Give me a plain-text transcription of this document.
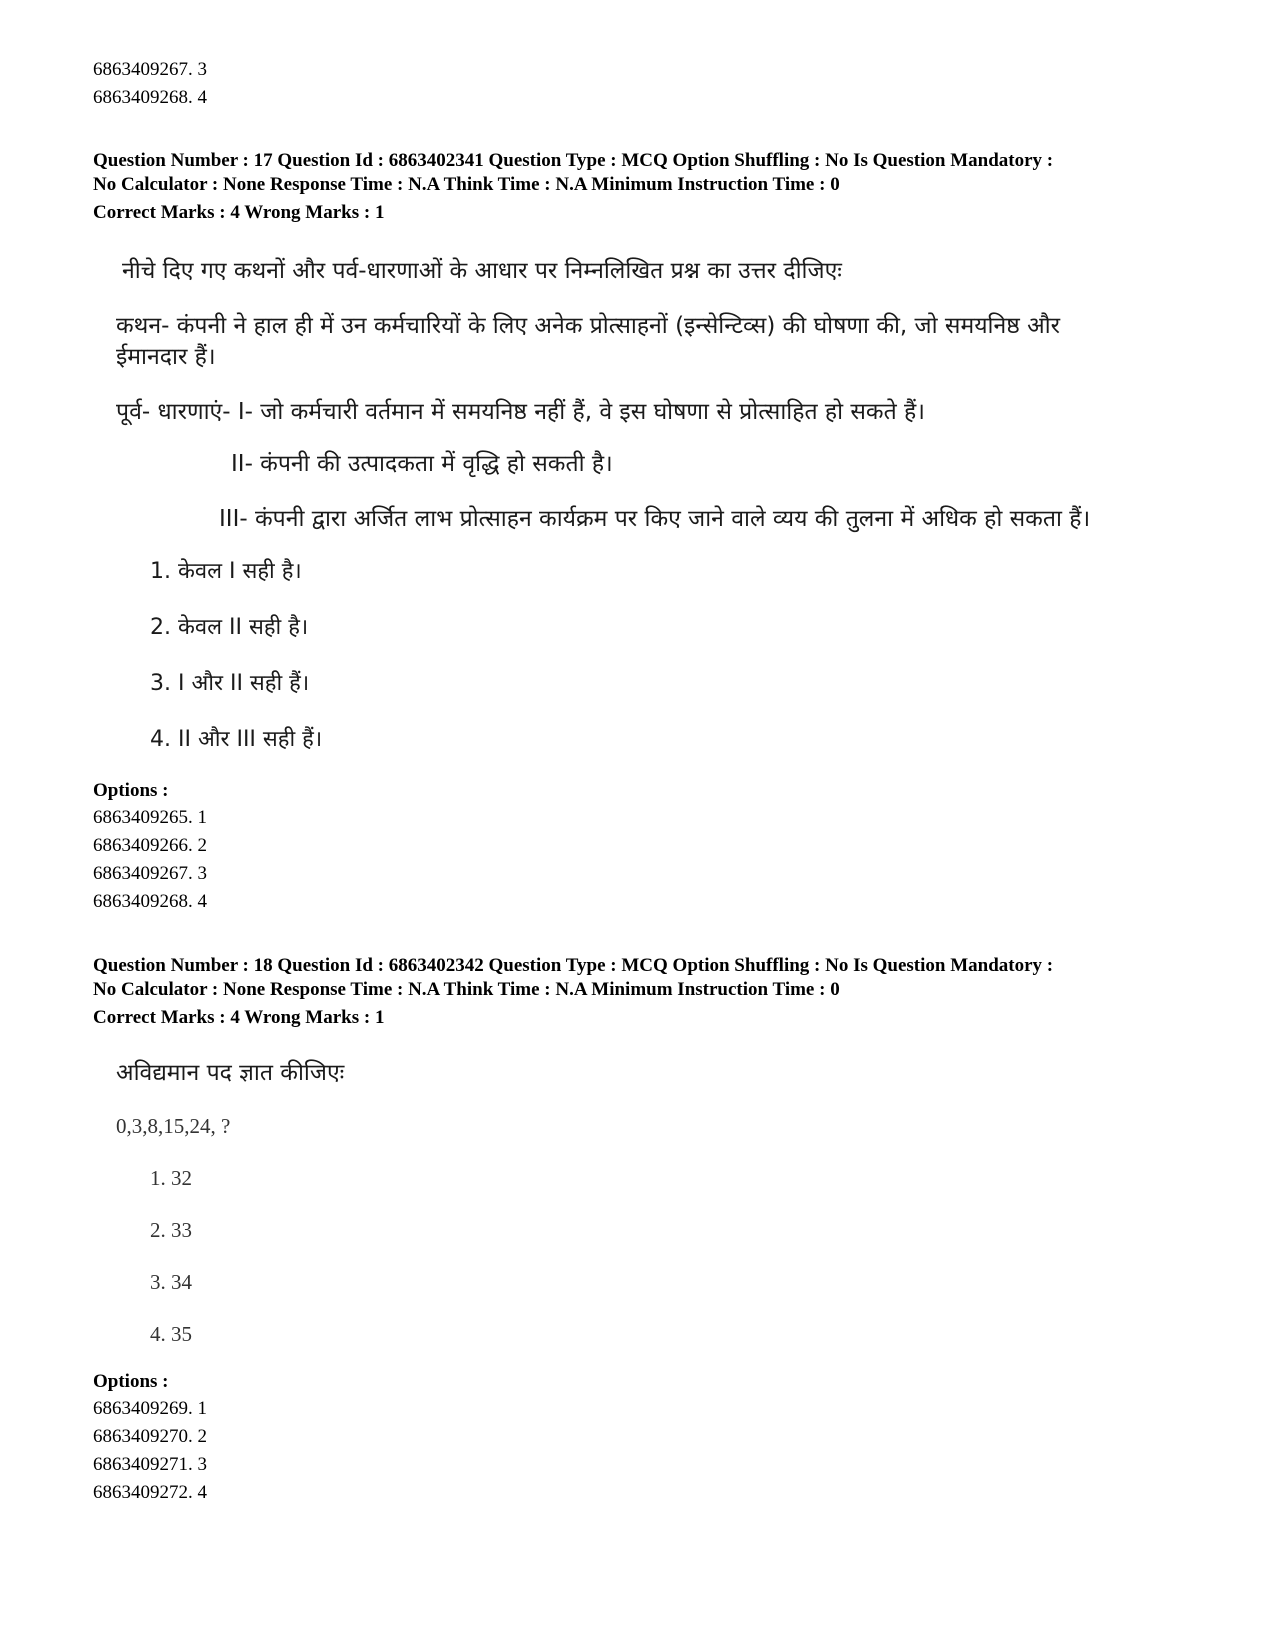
6863409267. 3
6863409268. 4
Question Number : 17 Question Id : 6863402341 Question Type : MCQ Option Shuffling : No Is Question Mandatory :
No Calculator : None Response Time : N.A Think Time : N.A Minimum Instruction Time : 0
Correct Marks : 4 Wrong Marks : 1
नीचे दिए गए कथनों और पर्व-धारणाओं के आधार पर निम्नलिखित प्रश्न का उत्तर दीजिएः
कथन- कंपनी ने हाल ही में उन कर्मचारियों के लिए अनेक प्रोत्साहनों (इन्सेन्टिव्स) की घोषणा की, जो समयनिष्ठ और
ईमानदार हैं।
पूर्व- धारणाएं- I- जो कर्मचारी वर्तमान में समयनिष्ठ नहीं हैं, वे इस घोषणा से प्रोत्साहित हो सकते हैं।
II- कंपनी की उत्पादकता में वृद्धि हो सकती है।
III- कंपनी द्वारा अर्जित लाभ प्रोत्साहन कार्यक्रम पर किए जाने वाले व्यय की तुलना में अधिक हो सकता हैं।
1. केवल I सही है।
2. केवल II सही है।
3. I और II सही हैं।
4. II और III सही हैं।
Options :
6863409265. 1
6863409266. 2
6863409267. 3
6863409268. 4
Question Number : 18 Question Id : 6863402342 Question Type : MCQ Option Shuffling : No Is Question Mandatory :
No Calculator : None Response Time : N.A Think Time : N.A Minimum Instruction Time : 0
Correct Marks : 4 Wrong Marks : 1
अविद्यमान पद ज्ञात कीजिएः
0,3,8,15,24, ?
1. 32
2. 33
3. 34
4. 35
Options :
6863409269. 1
6863409270. 2
6863409271. 3
6863409272. 4
